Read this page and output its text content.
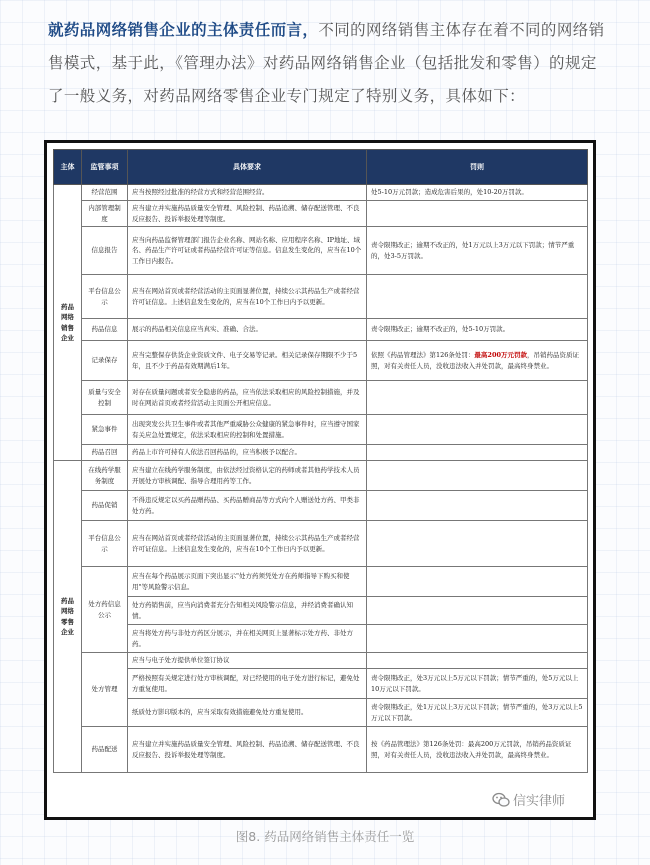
就药品网络销售企业的主体责任而言，不同的网络销售主体存在着不同的网络销售模式，基于此，《管理办法》对药品网络销售企业（包括批发和零售）的规定了一般义务，对药品网络零售企业专门规定了特别义务，具体如下：
主体	监管事项	具体要求	罚则
药品网络销售企业	经营范围	应当按照经过批准的经营方式和经营范围经营。	处5-10万元罚款；造成危害后果的，处10-20万罚款。
	内部管理制度	应当建立并实施药品质量安全管理、风险控制、药品追溯、储存配送管理、不良反应报告、投诉举报处理等制度。	
	信息报告	应当向药品监督管理部门报告企业名称、网站名称、应用程序名称、IP地址、域名、药品生产许可证或者药品经营许可证等信息。信息发生变化的，应当在10个工作日内报告。	责令限期改正；逾期不改正的，处1万元以上3万元以下罚款；情节严重的，处3-5万罚款。
	平台信息公示	应当在网站首页或者经营活动的主页面显著位置，持续公示其药品生产或者经营许可证信息。上述信息发生变化的，应当在10个工作日内予以更新。	
	药品信息	展示的药品相关信息应当真实、准确、合法。	责令限期改正；逾期不改正的，处5-10万罚款。
	记录保存	应当完整保存供货企业资质文件、电子交易等记录。相关记录保存期限不少于5年，且不少于药品有效期满后1年。	依照《药品管理法》第126条处罚：最高200万元罚款，吊销药品资质证照，对有关责任人员，没收违法收入并处罚款，最高终身禁业。
	质量与安全控制	对存在质量问题或者安全隐患的药品，应当依法采取相应的风险控制措施，并及时在网站首页或者经营活动主页面公开相应信息。	
	紧急事件	出现突发公共卫生事件或者其他严重威胁公众健康的紧急事件时，应当遵守国家有关应急处置规定，依法采取相应的控制和处置措施。	
	药品召回	药品上市许可持有人依法召回药品的，应当积极予以配合。	
药品网络零售企业	在线药学服务制度	应当建立在线药学服务制度，由依法经过资格认定的药师或者其他药学技术人员开展处方审核调配、指导合理用药等工作。	
	药品促销	不得违反规定以买药品赠药品、买药品赠商品等方式向个人赠送处方药、甲类非处方药。	
	平台信息公示	应当在网站首页或者经营活动的主页面显著位置，持续公示其药品生产或者经营许可证信息。上述信息发生变化的，应当在10个工作日内予以更新。	
	处方药信息公示	应当在每个药品展示页面下突出显示"处方药须凭处方在药师指导下购买和使用"等风险警示信息。	
		处方药销售前，应当向消费者充分告知相关风险警示信息，并经消费者确认知情。	
		应当将处方药与非处方药区分展示，并在相关网页上显著标示处方药、非处方药。	
	处方管理	应当与电子处方提供单位签订协议	
		严格按照有关规定进行处方审核调配，对已经使用的电子处方进行标记，避免处方重复使用。	责令限期改正，处3万元以上5万元以下罚款；情节严重的，处5万元以上10万元以下罚款。
		纸质处方影印版本的，应当采取有效措施避免处方重复使用。	责令限期改正，处1万元以上3万元以下罚款；情节严重的，处3万元以上5万元以下罚款。
	药品配送	应当建立并实施药品质量安全管理、风险控制、药品追溯、储存配送管理、不良反应报告、投诉举报处理等制度。	按《药品管理法》第126条处罚：最高200万元罚款，吊销药品资质证照，对有关责任人员，没收违法收入并处罚款，最高终身禁业。
信实律师
图8. 药品网络销售主体责任一览
